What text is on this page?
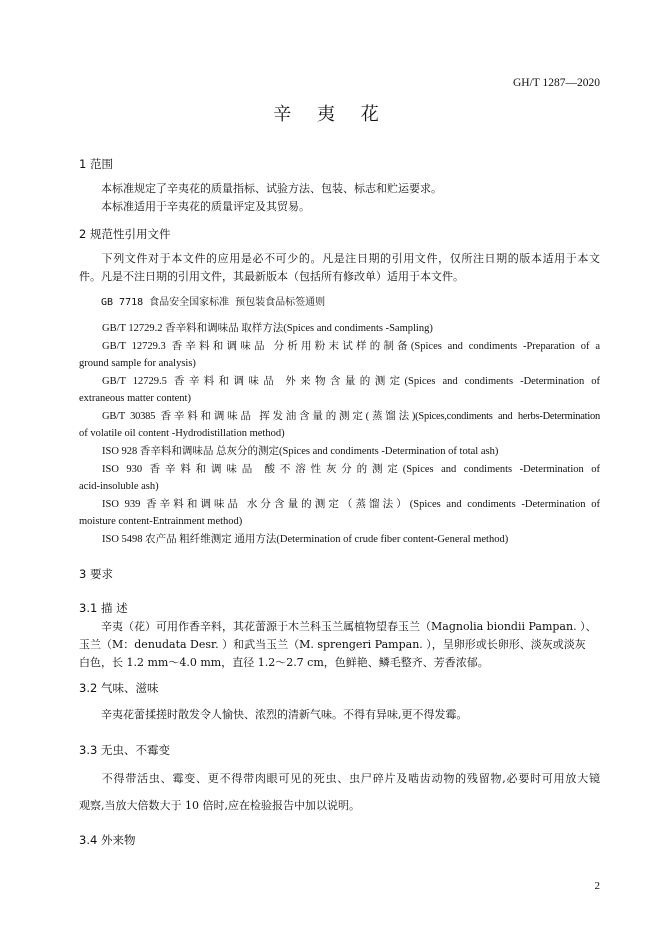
GH/T 1287—2020
辛 夷 花
1 范围
本标准规定了辛夷花的质量指标、试验方法、包装、标志和贮运要求。
本标准适用于辛夷花的质量评定及其贸易。
2 规范性引用文件
下列文件对于本文件的应用是必不可少的。凡是注日期的引用文件，仅所注日期的版本适用于本文
件。凡是不注日期的引用文件，其最新版本（包括所有修改单）适用于本文件。
GB 7718 食品安全国家标准 预包装食品标签通则
GB/T 12729.2 香辛料和调味品 取样方法(Spices and condiments -Sampling)
GB/T 12729.3 香辛料和调味品 分析用粉末试样的制备(Spices and condiments -Preparation of a
ground sample for analysis)
GB/T 12729.5 香辛料和调味品 外来物含量的测定(Spices and condiments -Determination of
extraneous matter content)
GB/T 30385 香辛料和调味品 挥发油含量的测定(蒸馏法)(Spices,condiments and herbs-Determination
of volatile oil content -Hydrodistillation method)
ISO 928 香辛料和调味品 总灰分的测定(Spices and condiments -Determination of total ash)
ISO 930 香辛料和调味品 酸不溶性灰分的测定(Spices and condiments -Determination of
acid-insoluble ash)
ISO 939 香辛料和调味品 水分含量的测定（蒸馏法）(Spices and condiments -Determination of
moisture content-Entrainment method)
ISO 5498 农产品 粗纤维测定 通用方法(Determination of crude fiber content-General method)
3 要求
3.1 描 述
辛夷（花）可用作香辛料，其花蕾源于木兰科玉兰属植物望春玉兰（Magnolia biondii Pampan. ）、
玉兰（M：denudata Desr. ）和武当玉兰（M. sprengeri Pampan. ），呈卵形或长卵形、淡灰或淡灰
白色，长 1.2 mm～4.0 mm，直径 1.2～2.7 cm，色鲜艳、鳞毛整齐、芳香浓郁。
3.2 气味、滋味
辛夷花蕾揉搓时散发令人愉快、浓烈的清新气味。不得有异味,更不得发霉。
3.3 无虫、不霉变
不得带活虫、霉变、更不得带肉眼可见的死虫、虫尸碎片及啮齿动物的残留物,必要时可用放大镜
观察,当放大倍数大于 10 倍时,应在检验报告中加以说明。
3.4 外来物
2
